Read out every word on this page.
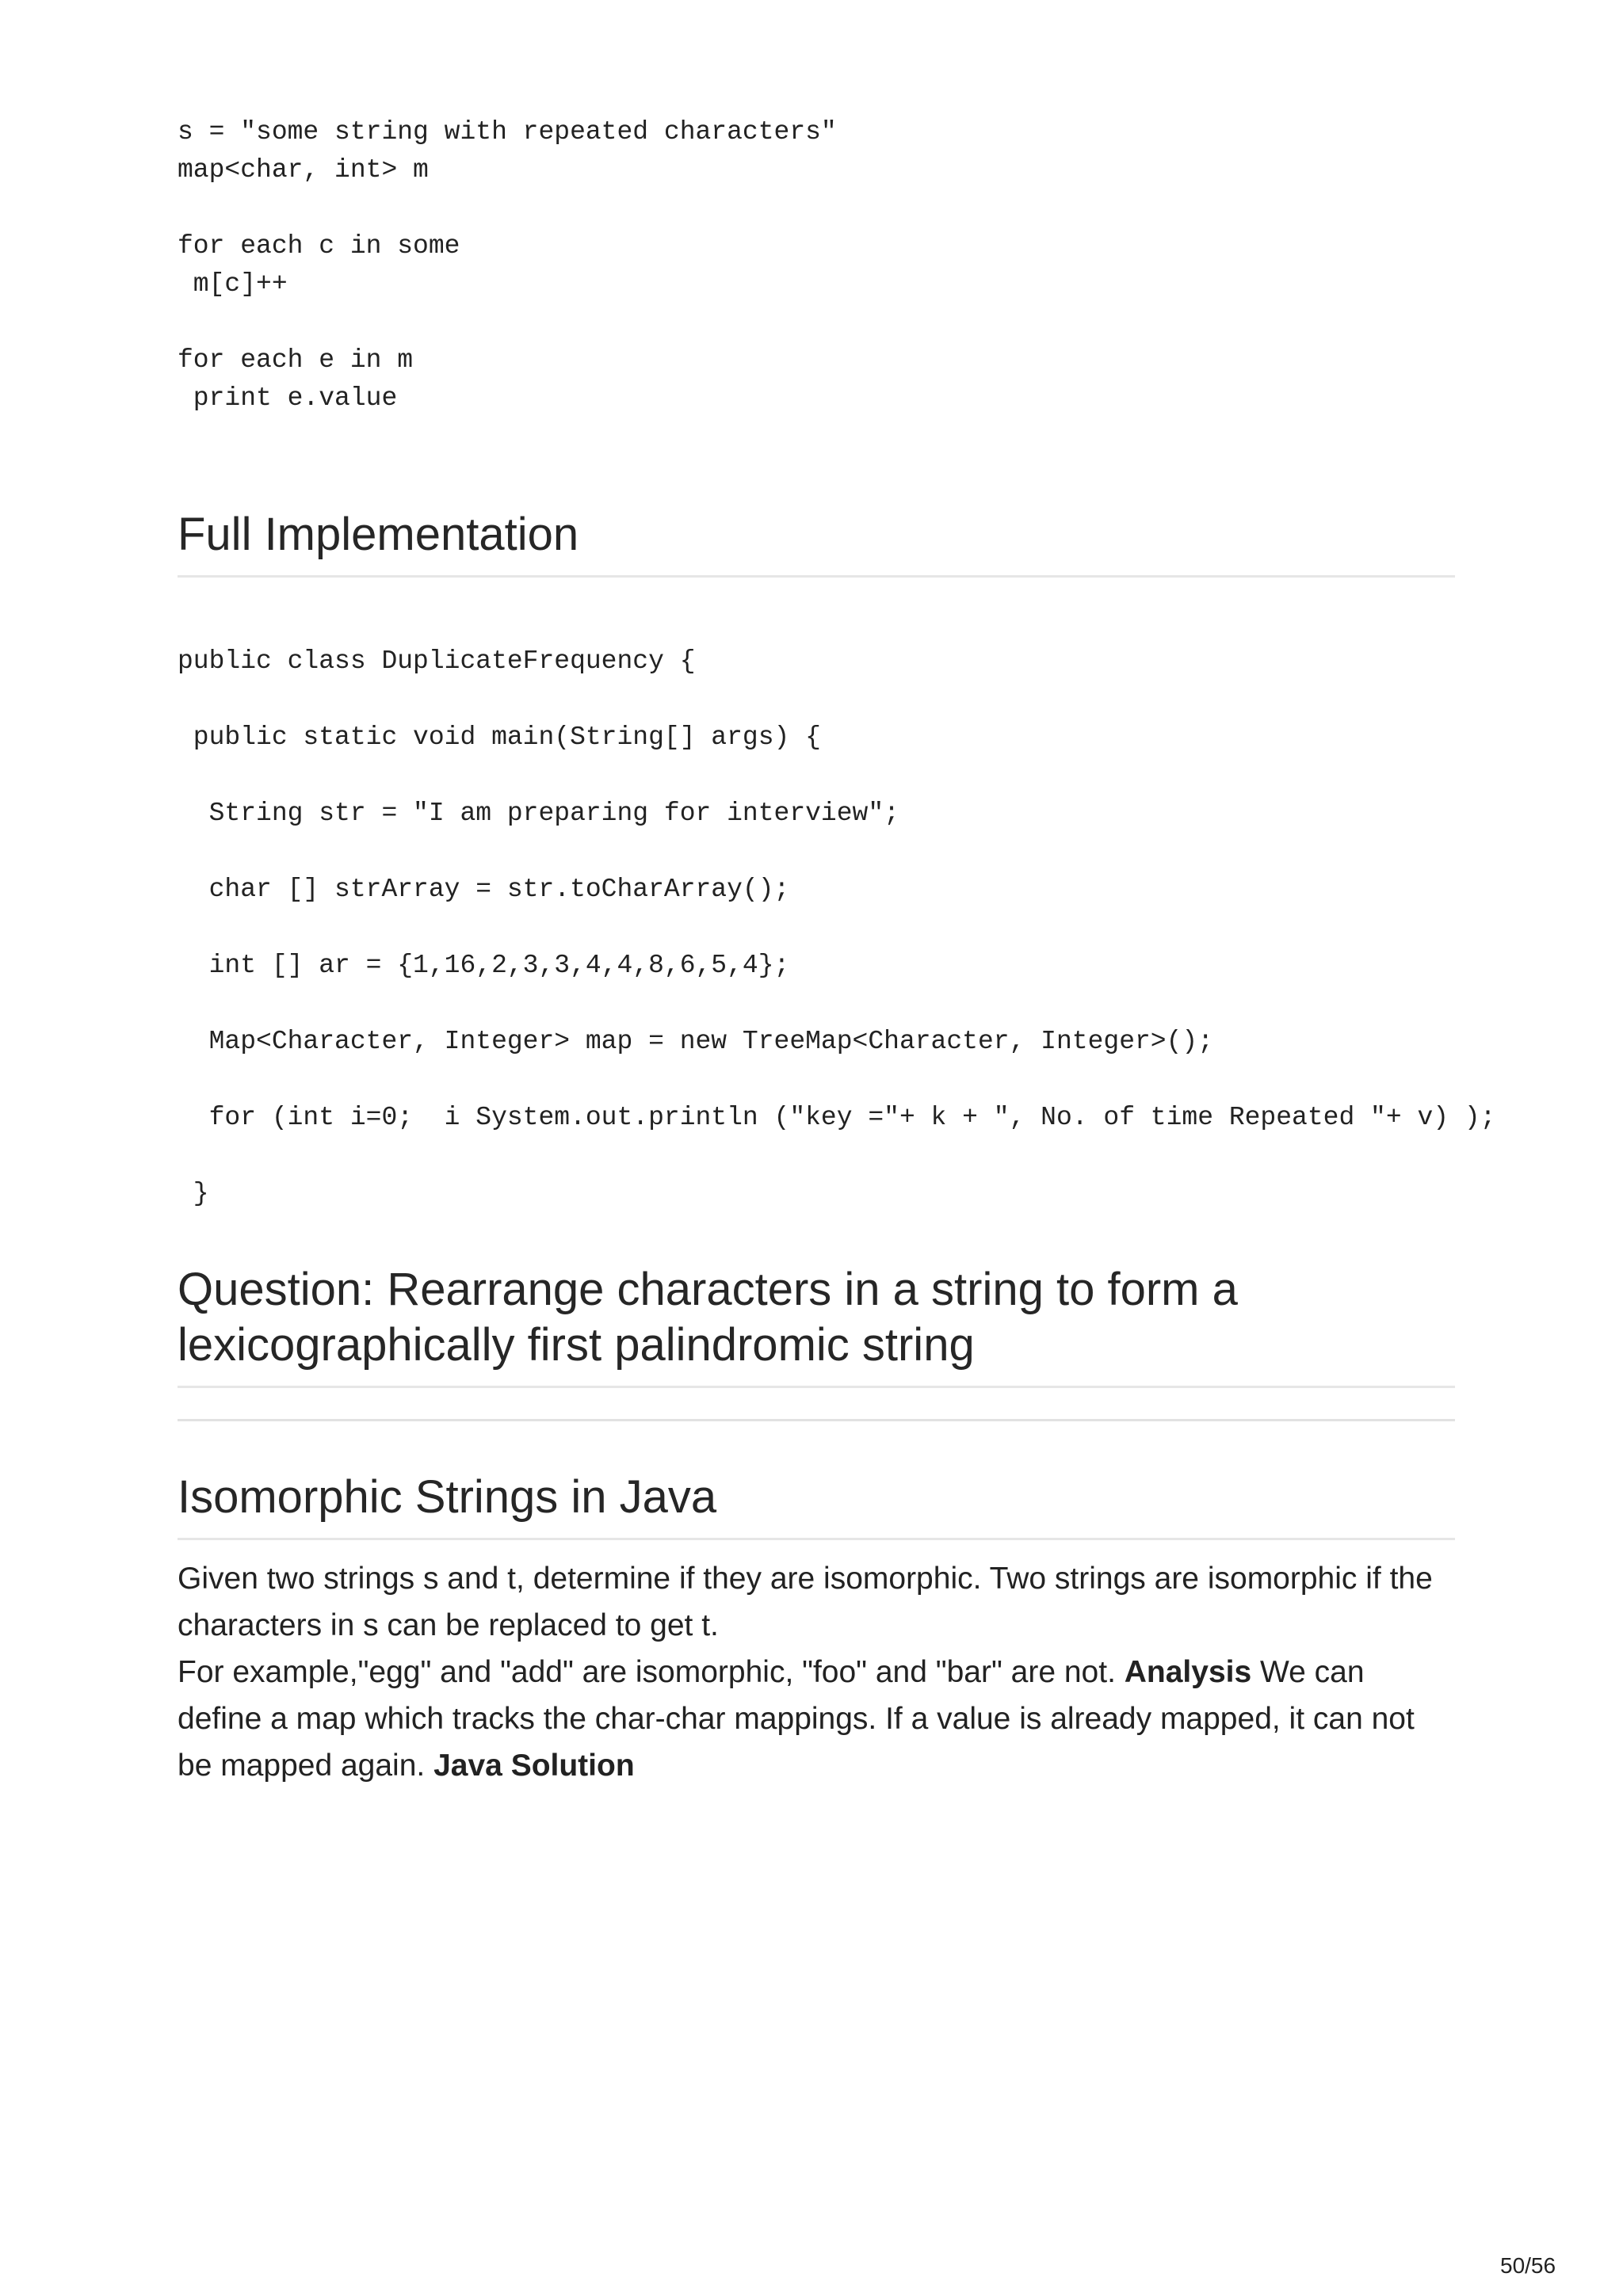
s = "some string with repeated characters"
map<char, int> m

for each c in some
m[c]++

for each e in m
print e.value
Full Implementation
public class DuplicateFrequency {

public static void main(String[] args) {

String str = "I am preparing for interview";

char [] strArray = str.toCharArray();

int [] ar = {1,16,2,3,3,4,4,8,6,5,4};

Map<Character, Integer> map = new TreeMap<Character, Integer>();

for (int i=0;  i System.out.println ("key ="+ k + ", No. of time Repeated "+ v) );

}
Question: Rearrange characters in a string to form a lexicographically first palindromic string
Isomorphic Strings in Java

Given two strings s and t, determine if they are isomorphic. Two strings are isomorphic if the characters in s can be replaced to get t.
For example,"egg" and "add" are isomorphic, "foo" and "bar" are not. Analysis We can define a map which tracks the char-char mappings. If a value is already mapped, it can not be mapped again. Java Solution

50/56
